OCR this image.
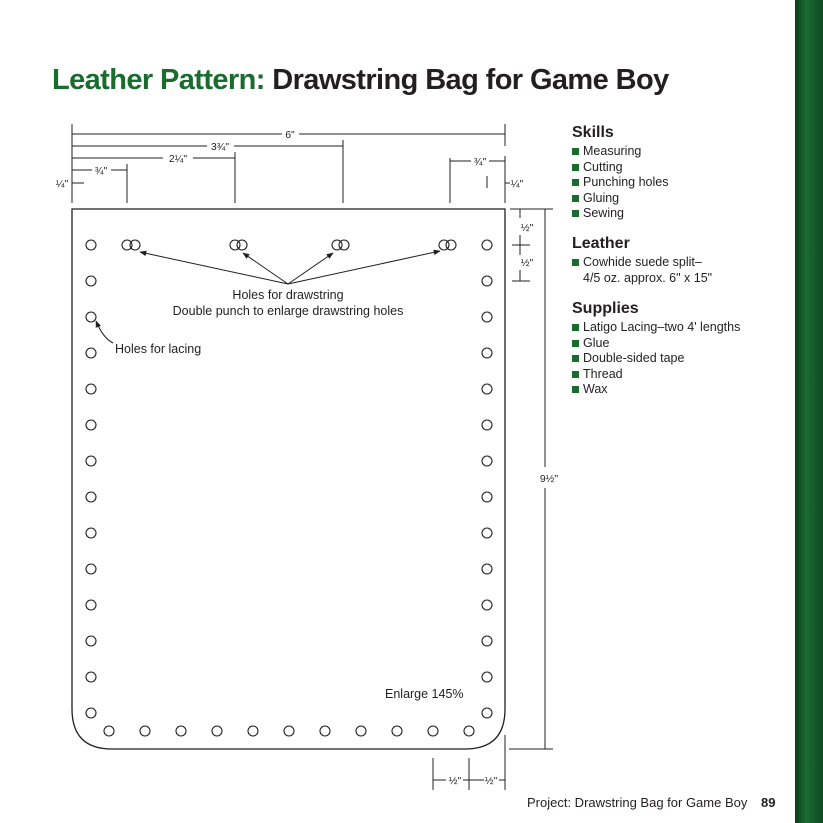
Leather Pattern: Drawstring Bag for Game Boy
6"
3¾"
2¼"
¾"
¼"
¾"
¼"
½"
½"
9½"
½" ½"
Holes for drawstring
Double punch to enlarge drawstring holes
Holes for lacing
Enlarge 145%
Skills
Measuring
Cutting
Punching holes
Gluing
Sewing
Leather
Cowhide suede split–
4/5 oz. approx. 6" x 15"
Supplies
Latigo Lacing–two 4' lengths
Glue
Double-sided tape
Thread
Wax
Project: Drawstring Bag for Game Boy 89
